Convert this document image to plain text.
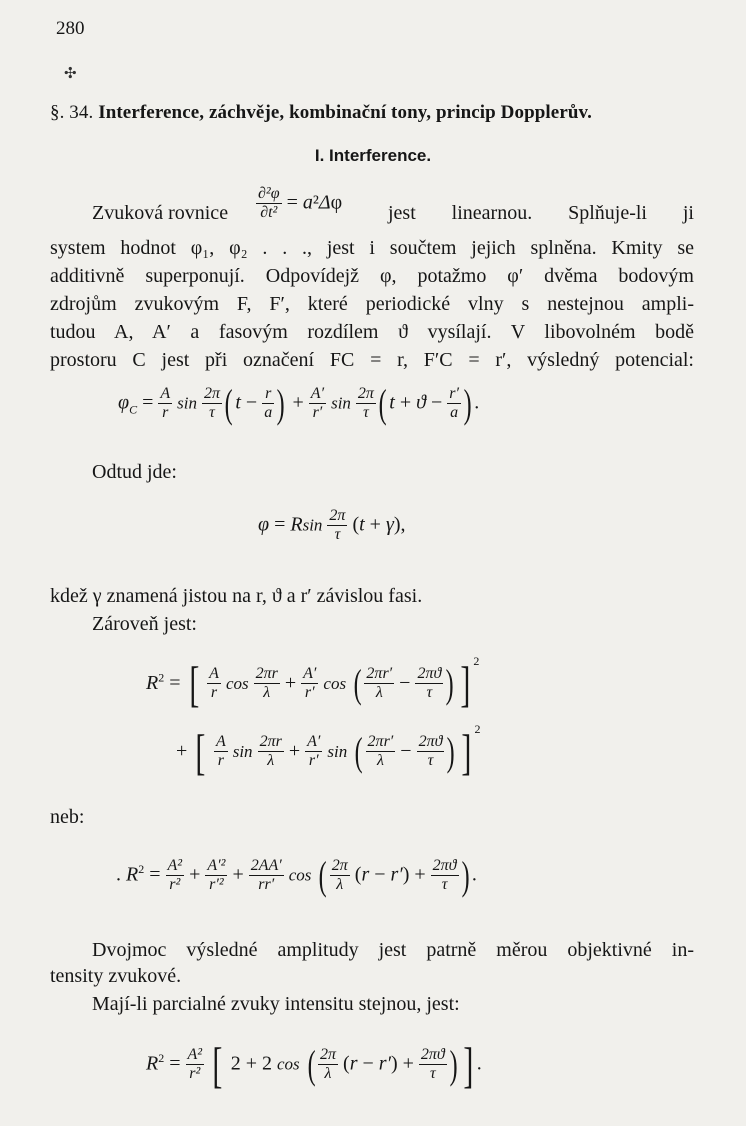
280
✣
§. 34. Interference, záchvěje, kombinační tony, princip Dopplerův.
I. Interference.
Zvuková rovnice $\frac{\text{∂²φ}}{\text{∂t²}} = a^2\Delta\varphi$ jest linearnou. Splňuje-li ji
system hodnot φ₁, φ₂ . . ., jest i součtem jejich splněna. Kmity se
additivně superponují. Odpovídejž φ, potažmo φ′ dvěma bodovým
zdrojům zvukovým F, F′, které periodické vlny s nestejnou ampli-
tudou A, A′ a fasovým rozdílem ϑ vysílají. V libovolném bodě
prostoru C jest při označení FC = r, F′C = r′, výsledný potencial:
$\varphi_C = \frac{A}{r}$ $\sin \frac{2\pi}{\tau}$ ( $t - \frac{r}{a}$ ) + $\frac{A'}{r'}$ $\sin \frac{2\pi}{\tau}$ ( $t + ϑ - \frac{r'}{a}$ ) .
Odtud jde:
φ = Rsin $\frac{2\pi}{\tau} (t + \gamma)$,
kdež γ znamená jistou na r, ϑ a r′ závislou fasi.
Zároveň jest:
$R^2$ = [ $\frac{A}{r}$ $\cos \frac{2\pi r}{\lambda} + \frac{A'}{r'}$ cos ( $\frac{2\pi r'}{\lambda} - \frac{2\pi ϑ}{\tau}$ ) ] $^2$
+ [ $\frac{A}{r}$ $\sin \frac{2\pi r}{\lambda} + \frac{A'}{r'}$ sin ( $\frac{2\pi r'}{\lambda} - \frac{2\pi ϑ}{\tau}$ ) ] $^2$
neb:
. $R^2 = \frac{\text{A²}}{\text{r²}} + \frac{\text{A′²}}{\text{r′²}} + \frac{2AA'}{rr'}$ cos ( $\frac{2\pi}{\lambda} (r - r') + \frac{2\pi ϑ}{\tau}$ ) .
Dvojmoc výsledné amplitudy jest patrně měrou objektivné in-
tensity zvukové.
Mají-li parcialné zvuky intensitu stejnou, jest:
$R^2 = \frac{\text{A²}}{\text{r²}}$ [ 2 + 2 cos ( $\frac{2\pi}{\lambda} (r - r') + \frac{2\pi ϑ}{\tau}$ ) ] .
